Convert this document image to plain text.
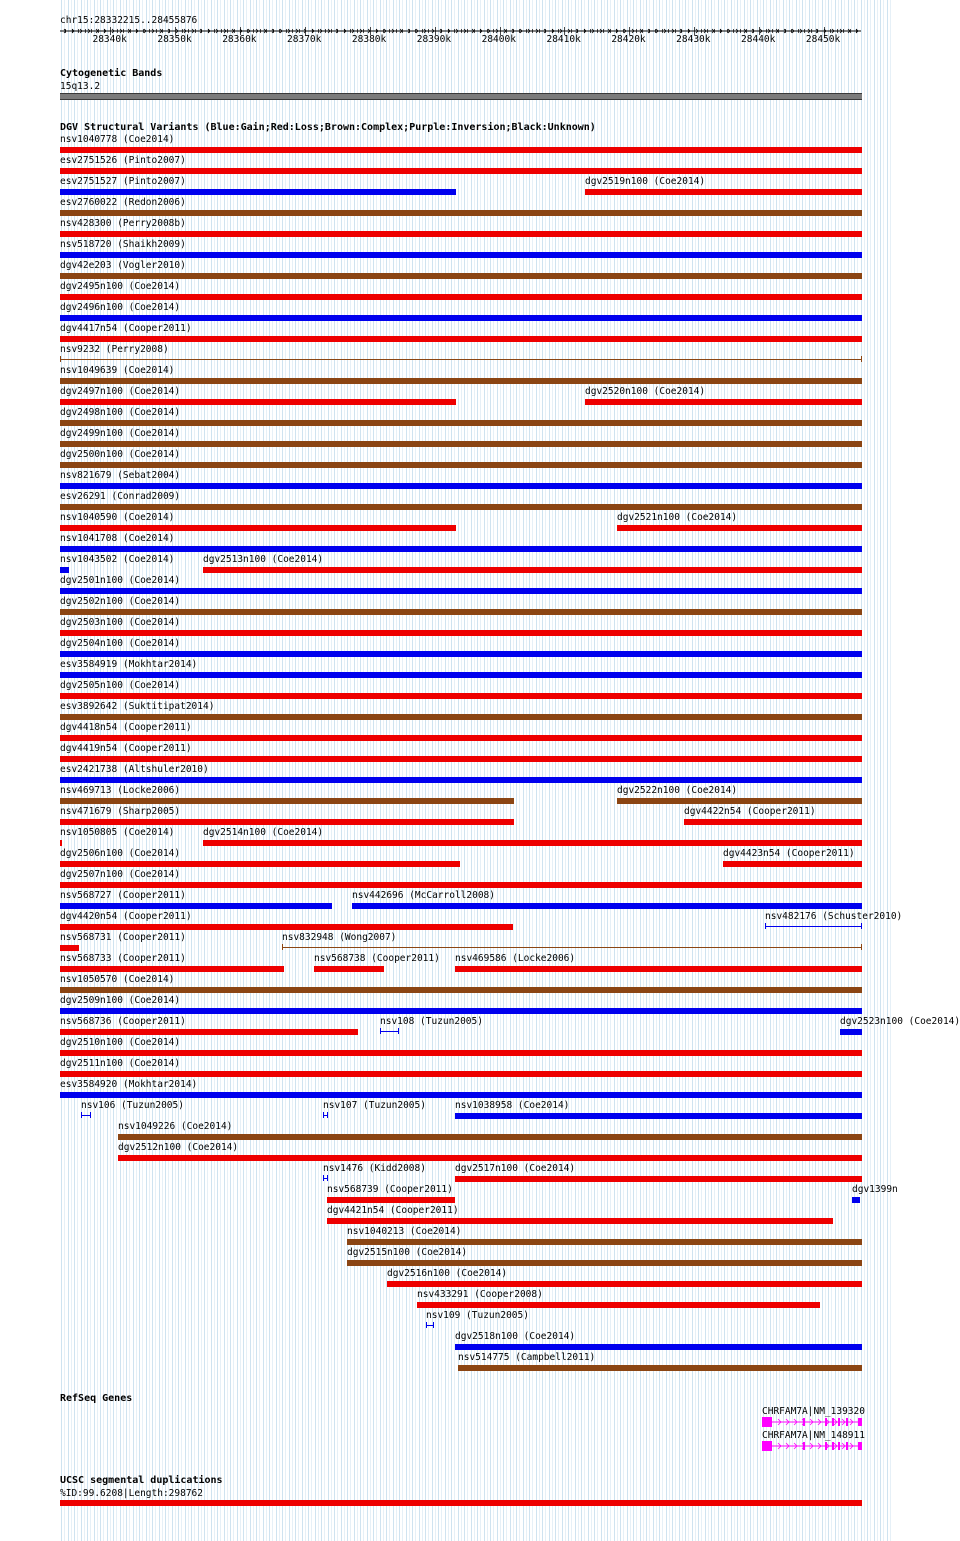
chr15:28332215..28455876
28340k	28350k	28360k	28370k	28380k	28390k	28400k	28410k	28420k	28430k	28440k	28450k
Cytogenetic Bands
15q13.2
DGV Structural Variants (Blue:Gain;Red:Loss;Brown:Complex;Purple:Inversion;Black:Unknown)
nsv1040778 (Coe2014)
esv2751526 (Pinto2007)
esv2751527 (Pinto2007)	dgv2519n100 (Coe2014)
esv2760022 (Redon2006)
nsv428300 (Perry2008b)
nsv518720 (Shaikh2009)
dgv42e203 (Vogler2010)
dgv2495n100 (Coe2014)
dgv2496n100 (Coe2014)
dgv4417n54 (Cooper2011)
nsv9232 (Perry2008)
nsv1049639 (Coe2014)
dgv2497n100 (Coe2014)	dgv2520n100 (Coe2014)
dgv2498n100 (Coe2014)
dgv2499n100 (Coe2014)
dgv2500n100 (Coe2014)
nsv821679 (Sebat2004)
esv26291 (Conrad2009)
nsv1040590 (Coe2014)	dgv2521n100 (Coe2014)
nsv1041708 (Coe2014)
nsv1043502 (Coe2014)	dgv2513n100 (Coe2014)
dgv2501n100 (Coe2014)
dgv2502n100 (Coe2014)
dgv2503n100 (Coe2014)
dgv2504n100 (Coe2014)
esv3584919 (Mokhtar2014)
dgv2505n100 (Coe2014)
esv3892642 (Suktitipat2014)
dgv4418n54 (Cooper2011)
dgv4419n54 (Cooper2011)
esv2421738 (Altshuler2010)
nsv469713 (Locke2006)	dgv2522n100 (Coe2014)
nsv471679 (Sharp2005)	dgv4422n54 (Cooper2011)
nsv1050805 (Coe2014)	dgv2514n100 (Coe2014)
dgv2506n100 (Coe2014)	dgv4423n54 (Cooper2011)
dgv2507n100 (Coe2014)
nsv568727 (Cooper2011)	nsv442696 (McCarroll2008)
dgv4420n54 (Cooper2011)	nsv482176 (Schuster2010)
nsv568731 (Cooper2011)	nsv832948 (Wong2007)
nsv568733 (Cooper2011)	nsv568738 (Cooper2011) nsv469586 (Locke2006)
nsv1050570 (Coe2014)
dgv2509n100 (Coe2014)
nsv568736 (Cooper2011)	nsv108 (Tuzun2005)	dgv2523n100 (Coe2014)
dgv2510n100 (Coe2014)
dgv2511n100 (Coe2014)
esv3584920 (Mokhtar2014)
nsv106 (Tuzun2005)	nsv107 (Tuzun2005)	nsv1038958 (Coe2014)
nsv1049226 (Coe2014)
dgv2512n100 (Coe2014)
nsv1476 (Kidd2008)	dgv2517n100 (Coe2014)
nsv568739 (Cooper2011)	dgv1399n
dgv4421n54 (Cooper2011)
nsv1040213 (Coe2014)
dgv2515n100 (Coe2014)
dgv2516n100 (Coe2014)
nsv433291 (Cooper2008)
nsv109 (Tuzun2005)
dgv2518n100 (Coe2014)
nsv514775 (Campbell2011)
RefSeq Genes
CHRFAM7A|NM_139320
CHRFAM7A|NM_148911
UCSC segmental duplications
%ID:99.6208|Length:298762
